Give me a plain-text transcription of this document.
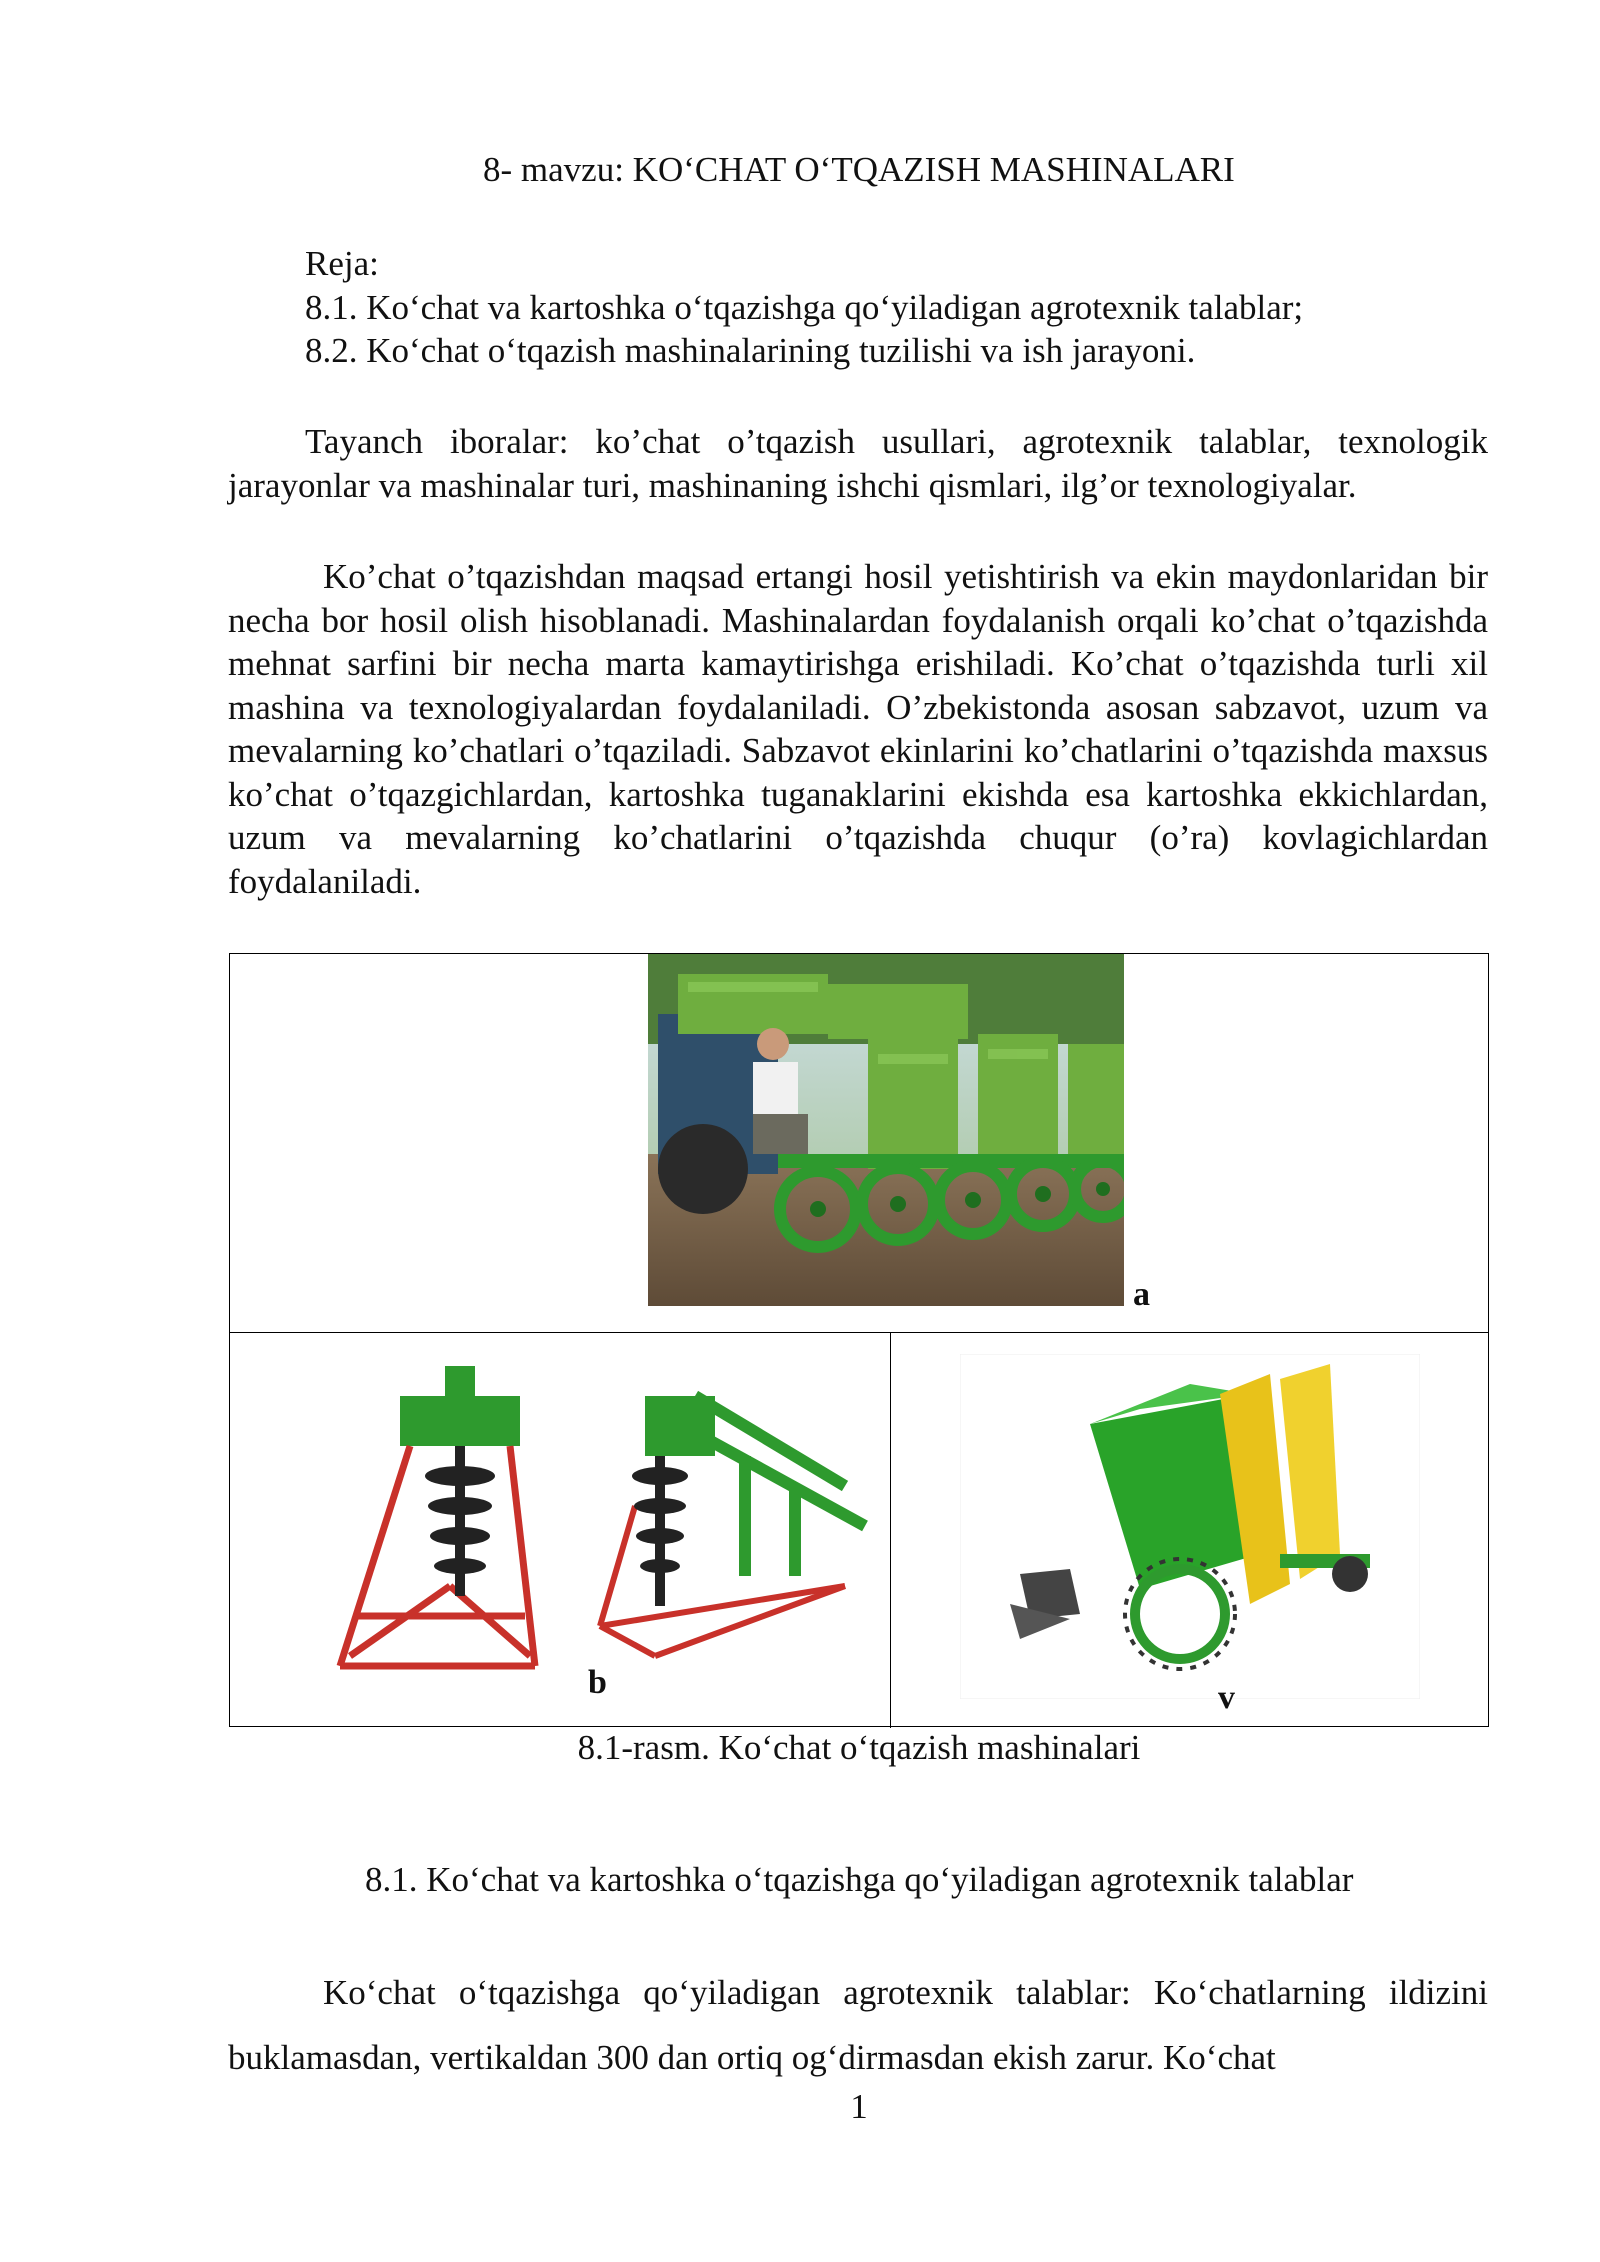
8- mavzu: KO‘CHAT O‘TQAZISH MASHINALARI
Reja:
8.1. Ko‘chat va kartoshka o‘tqazishga qo‘yiladigan agrotexnik talablar;
8.2. Ko‘chat o‘tqazish mashinalarining tuzilishi va ish jarayoni.
Tayanch iboralar: ko’chat o’tqazish usullari, agrotexnik talablar, texnologik jarayonlar va mashinalar turi, mashinaning ishchi qismlari, ilg’or texnologiyalar.
Ko’chat o’tqazishdan maqsad ertangi hosil yetishtirish va ekin maydonlaridan bir necha bor hosil olish hisoblanadi. Mashinalardan foydalanish orqali ko’chat o’tqazishda mehnat sarfini bir necha marta kamaytirishga erishiladi. Ko’chat o’tqazishda turli xil mashina va texnologiyalardan foydalaniladi. O’zbekistonda asosan sabzavot, uzum va mevalarning ko’chatlari o’tqaziladi. Sabzavot ekinlarini ko’chatlarini o’tqazishda maxsus ko’chat o’tqazgichlardan, kartoshka tuganaklarini ekishda esa kartoshka ekkichlardan, uzum va mevalarning ko’chatlarini o’tqazishda chuqur (o’ra) kovlagichlardan foydalaniladi.
a
b	v
8.1-rasm. Ko‘chat o‘tqazish mashinalari
8.1. Ko‘chat va kartoshka o‘tqazishga qo‘yiladigan agrotexnik talablar
Ko‘chat o‘tqazishga qo‘yiladigan agrotexnik talablar: Ko‘chatlarning ildizini buklamasdan, vertikaldan 300 dan ortiq og‘dirmasdan ekish zarur. Ko‘chat
1
